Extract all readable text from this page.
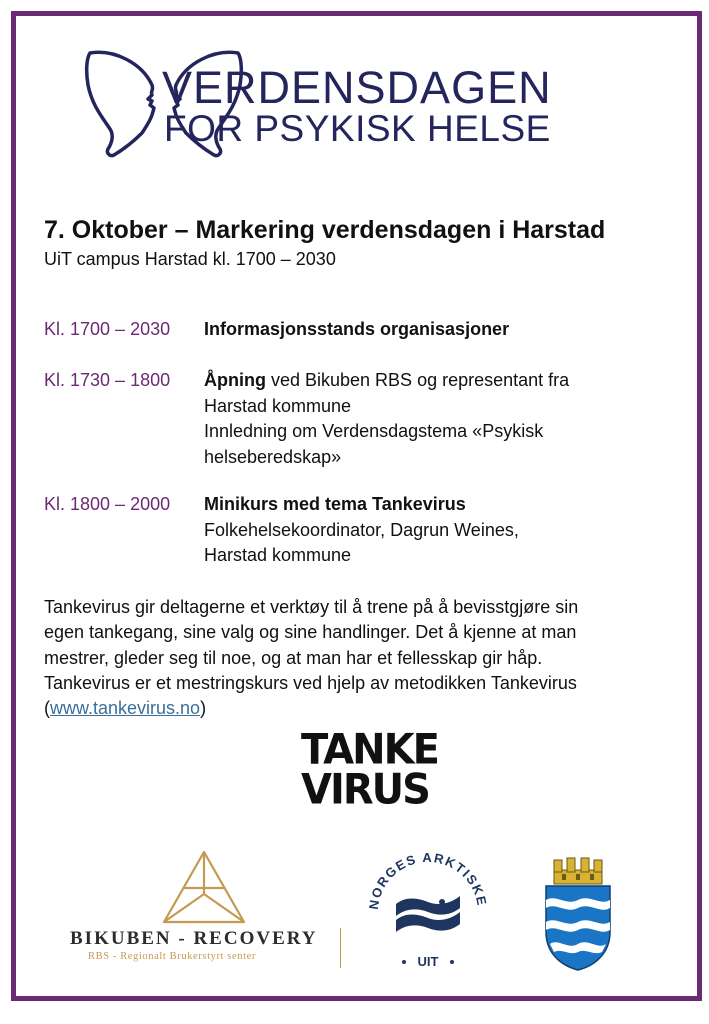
VERDENSDAGEN
FOR PSYKISK HELSE
7. Oktober – Markering verdensdagen i Harstad
UiT campus Harstad kl. 1700 – 2030
Kl. 1700 – 2030 Informasjonsstands organisasjoner
Kl. 1730 – 1800 Åpning ved Bikuben RBS og representant fra
Harstad kommune
Innledning om Verdensdagstema «Psykisk
helseberedskap»
Kl. 1800 – 2000 Minikurs med tema Tankevirus
Folkehelsekoordinator, Dagrun Weines,
Harstad kommune
Tankevirus gir deltagerne et verktøy til å trene på å bevisstgjøre sin
egen tankegang, sine valg og sine handlinger. Det å kjenne at man
mestrer, gleder seg til noe, og at man har et fellesskap gir håp.
Tankevirus er et mestringskurs ved hjelp av metodikken Tankevirus
(www.tankevirus.no)
TANKE
VIRUS
BIKUBEN - RECOVERY
RBS - Regionalt Brukerstyrt senter
NORGES ARKTISKE
UIT
